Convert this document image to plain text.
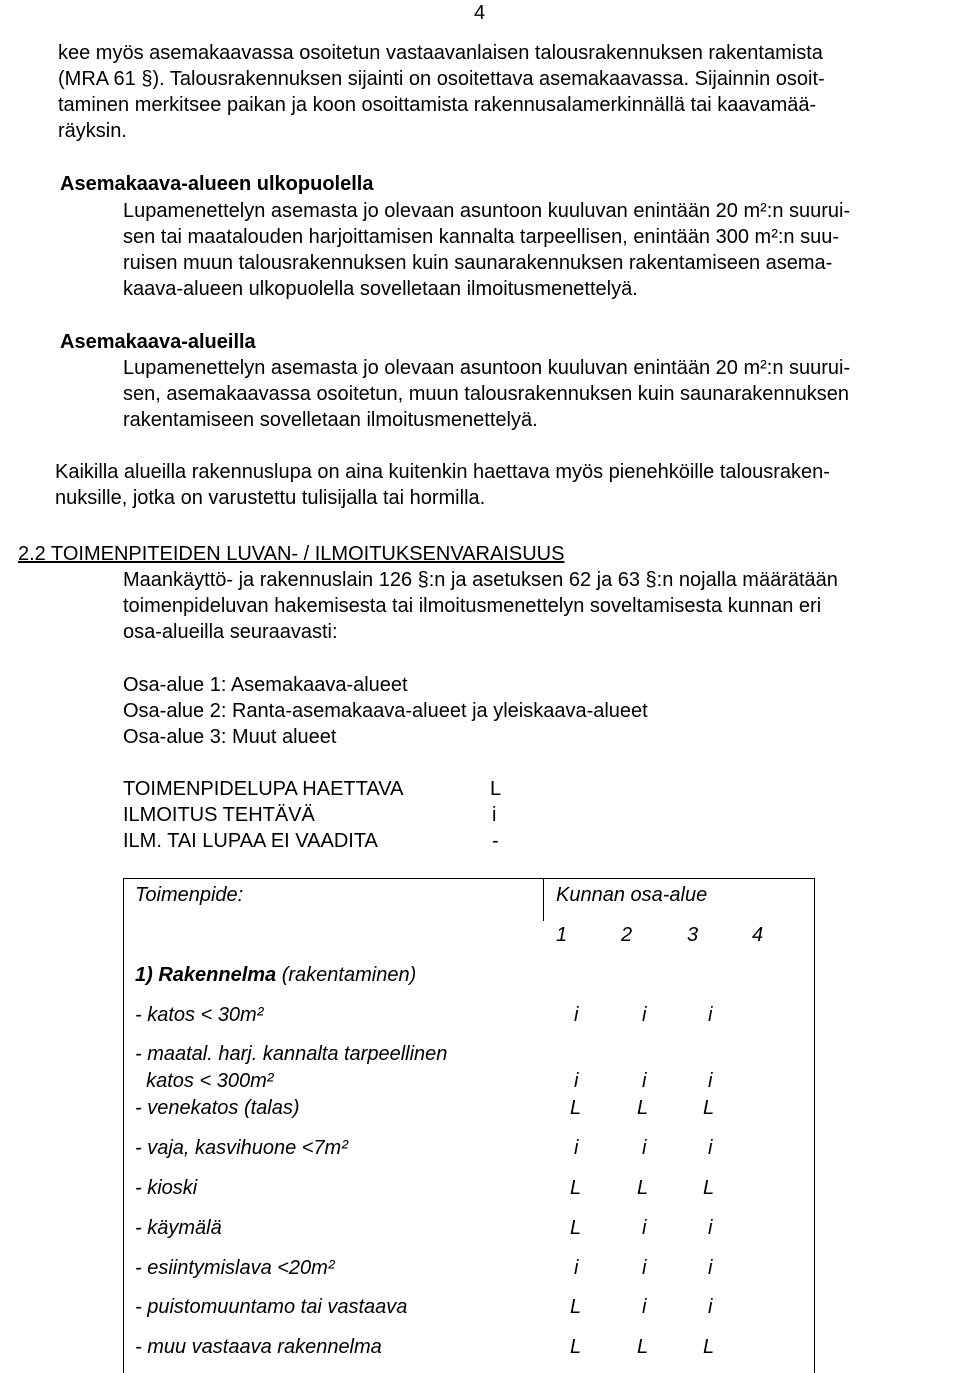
4
kee myös asemakaavassa osoitetun vastaavanlaisen talousrakennuksen rakentamista
(MRA 61 §). Talousrakennuksen sijainti on osoitettava asemakaavassa. Sijainnin osoit-
taminen merkitsee paikan ja koon osoittamista rakennusalamerkinnällä tai kaavamää-
räyksin.
Asemakaava-alueen ulkopuolella
Lupamenettelyn asemasta jo olevaan asuntoon kuuluvan enintään 20 m²:n suurui-
sen tai maatalouden harjoittamisen kannalta tarpeellisen, enintään 300 m²:n suu-
ruisen muun talousrakennuksen kuin saunarakennuksen rakentamiseen asema-
kaava-alueen ulkopuolella sovelletaan ilmoitusmenettelyä.
Asemakaava-alueilla
Lupamenettelyn asemasta jo olevaan asuntoon kuuluvan enintään 20 m²:n suurui-
sen, asemakaavassa osoitetun, muun talousrakennuksen kuin saunarakennuksen
rakentamiseen sovelletaan ilmoitusmenettelyä.
Kaikilla alueilla rakennuslupa on aina kuitenkin haettava myös pienehköille talousraken-
nuksille, jotka on varustettu tulisijalla tai hormilla.
2.2 TOIMENPITEIDEN LUVAN- / ILMOITUKSENVARAISUUS
Maankäyttö- ja rakennuslain 126 §:n ja asetuksen 62 ja 63 §:n nojalla määrätään
toimenpideluvan hakemisesta tai ilmoitusmenettelyn soveltamisesta kunnan eri
osa-alueilla seuraavasti:
Osa-alue 1: Asemakaava-alueet
Osa-alue 2: Ranta-asemakaava-alueet ja yleiskaava-alueet
Osa-alue 3: Muut alueet
TOIMENPIDELUPA HAETTAVA	L
ILMOITUS TEHTÄVÄ	i
ILM. TAI LUPAA EI VAADITA	-
Toimenpide:	Kunnan osa-alue
1	2	3	4
1) Rakennelma (rakentaminen)
- katos < 30m²	i	i	i
- maatal. harj. kannalta tarpeellinen
katos < 300m²	i	i	i
- venekatos (talas)	L	L	L
- vaja, kasvihuone <7m²	i	i	i
- kioski	L	L	L
- käymälä	L	i	i
- esiintymislava <20m²	i	i	i
- puistomuuntamo tai vastaava	L	i	i
- muu vastaava rakennelma	L	L	L
